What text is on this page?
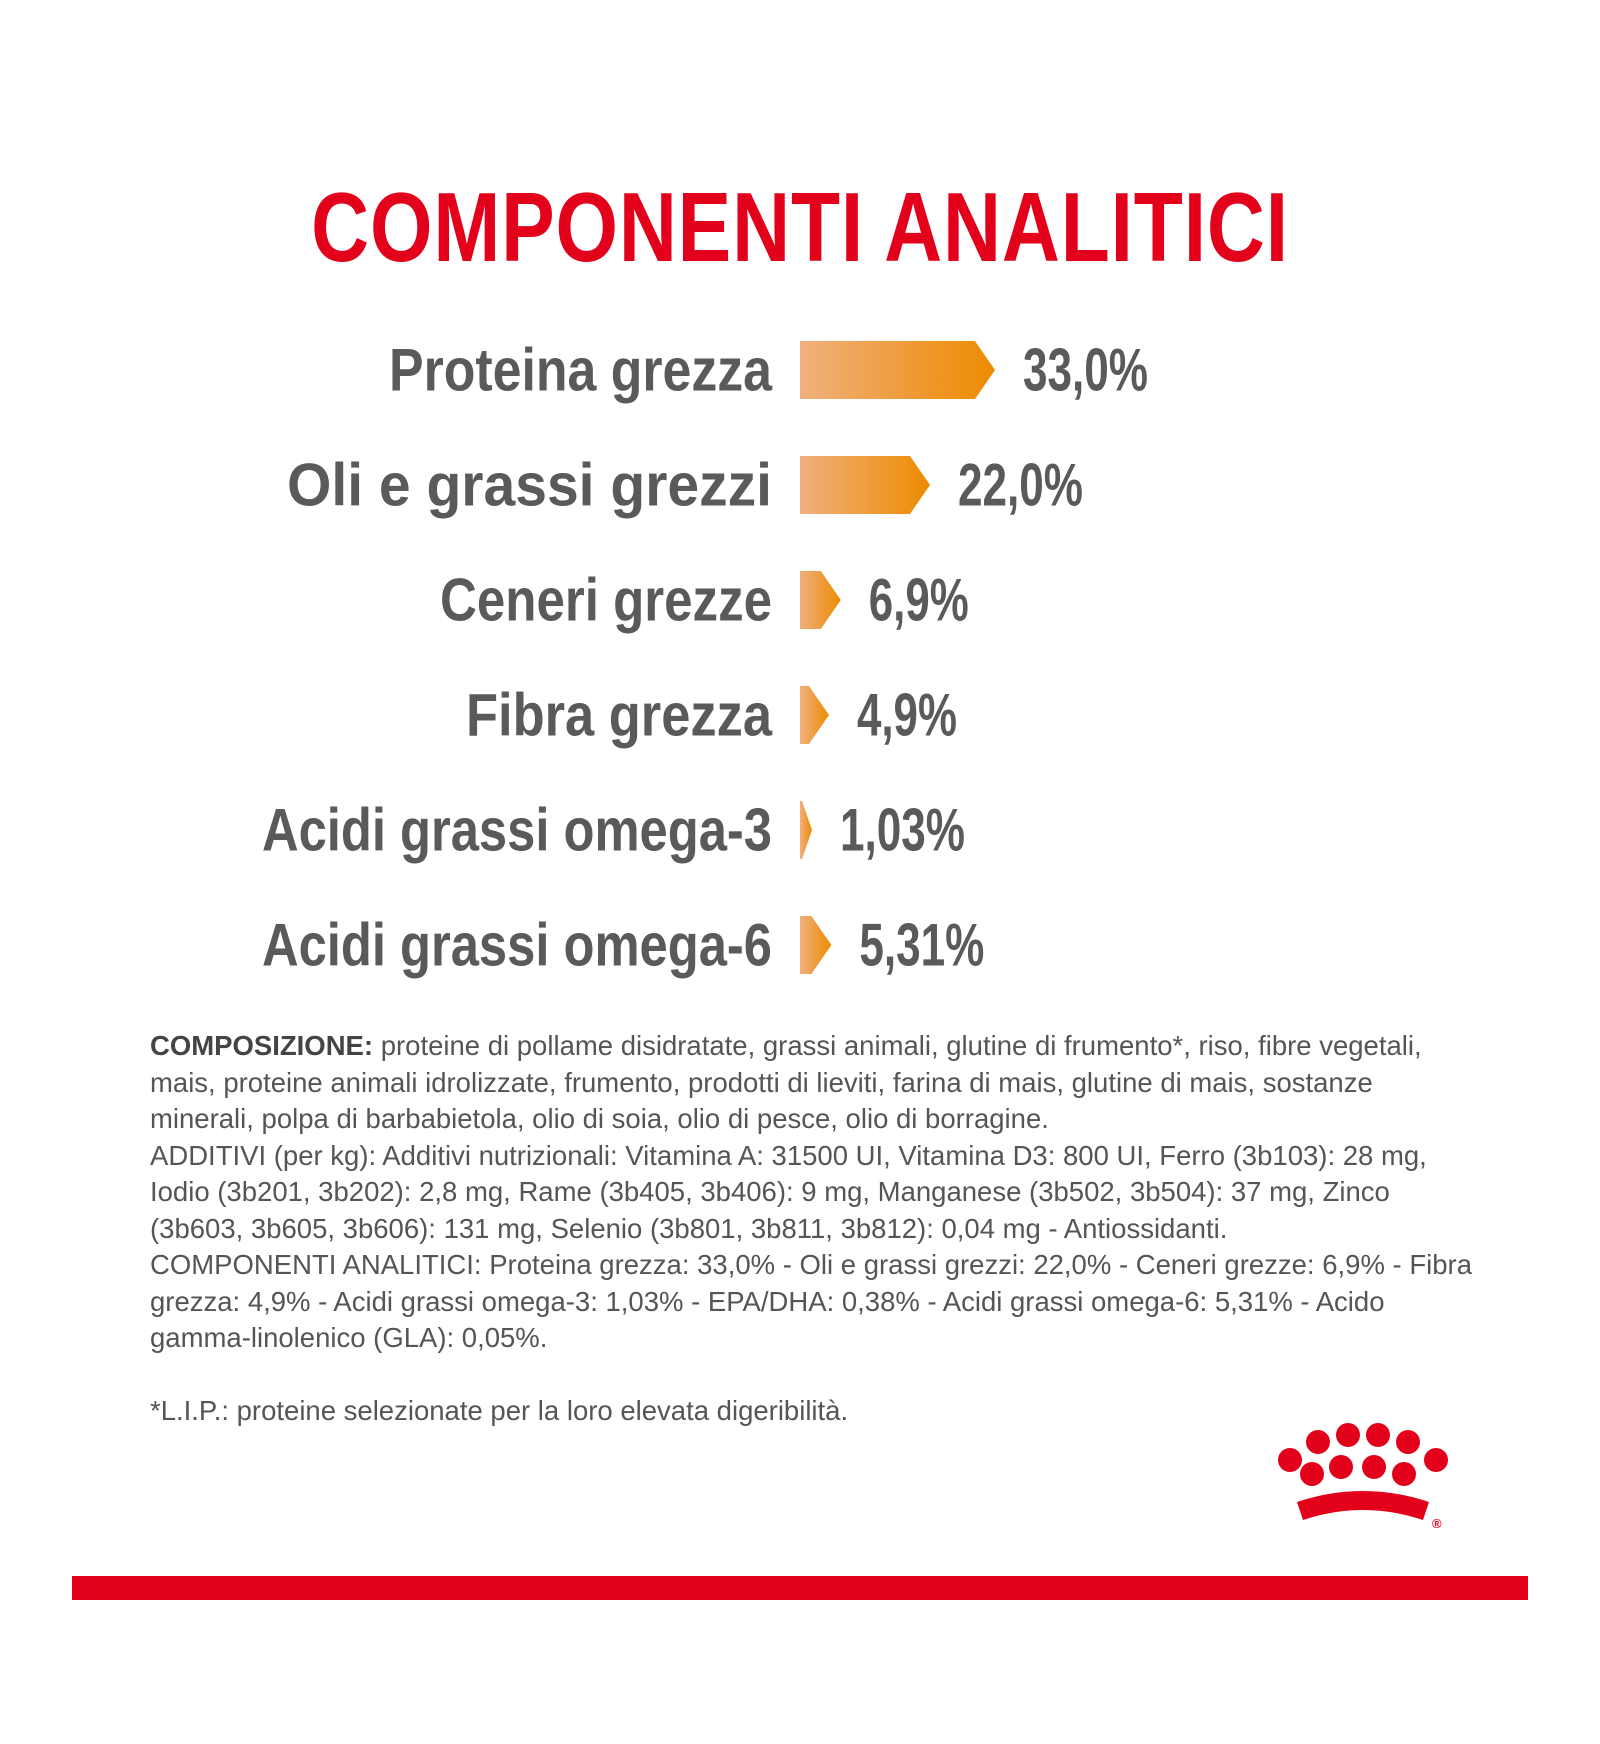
COMPONENTI ANALITICI
Proteina grezza	33,0%
Oli e grassi grezzi	22,0%
Ceneri grezze 6,9%
Fibra grezza 4,9%
Acidi grassi omega-3 1,03%
Acidi grassi omega-6 5,31%

COMPOSIZIONE: proteine di pollame disidratate, grassi animali, glutine di frumento*, riso, fibre vegetali, mais, proteine animali idrolizzate, frumento, prodotti di lieviti, farina di mais, glutine di mais, sostanze minerali, polpa di barbabietola, olio di soia, olio di pesce, olio di borragine.

ADDITIVI (per kg): Additivi nutrizionali: Vitamina A: 31500 UI, Vitamina D3: 800 UI, Ferro (3b103): 28 mg, Iodio (3b201, 3b202): 2,8 mg, Rame (3b405, 3b406): 9 mg, Manganese (3b502, 3b504): 37 mg, Zinco (3b603, 3b605, 3b606): 131 mg, Selenio (3b801, 3b811, 3b812): 0,04 mg - Antiossidanti.

COMPONENTI ANALITICI: Proteina grezza: 33,0% - Oli e grassi grezzi: 22,0% - Ceneri grezze: 6,9% - Fibra grezza: 4,9% - Acidi grassi omega-3: 1,03% - EPA/DHA: 0,38% - Acidi grassi omega-6: 5,31% - Acido gamma-linolenico (GLA): 0,05%.

*L.I.P.: proteine selezionate per la loro elevata digeribilità.

®
